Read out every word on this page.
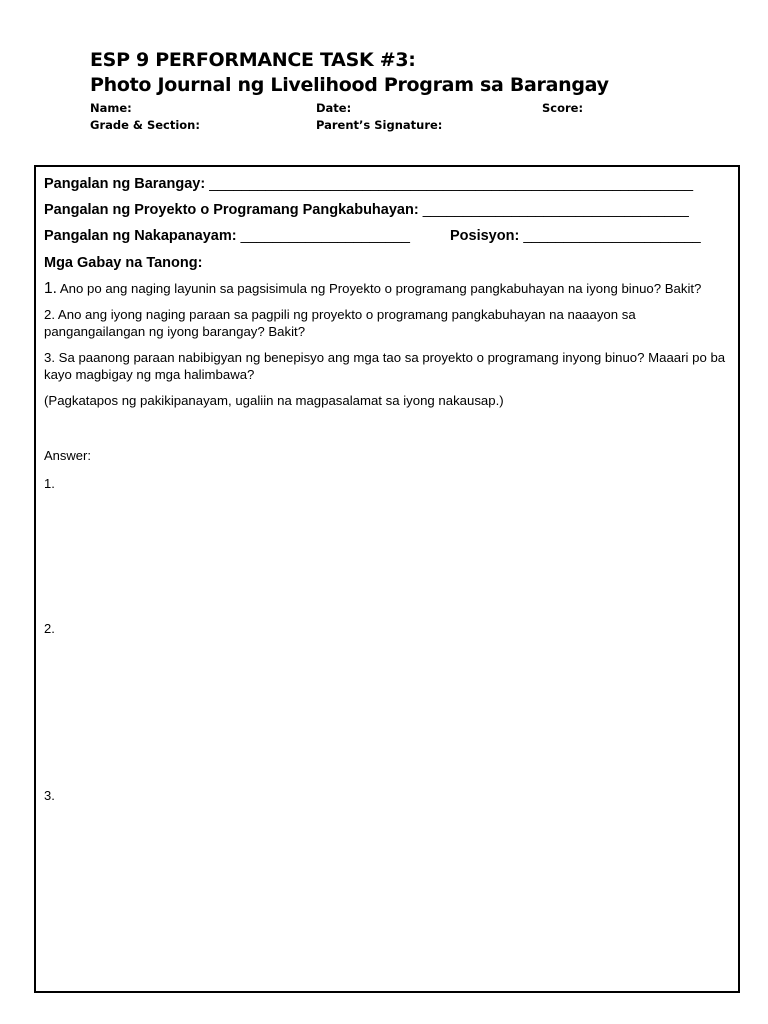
ESP 9 PERFORMANCE TASK #3:
Photo Journal ng Livelihood Program sa Barangay
Name:	Date:	Score:
Grade & Section:	Parent’s Signature:
Pangalan ng Barangay: ____________________________________________________________
Pangalan ng Proyekto o Programang Pangkabuhayan: _________________________________
Pangalan ng Nakapanayam: _____________________	Posisyon: ______________________
Mga Gabay na Tanong:
1. Ano po ang naging layunin sa pagsisimula ng Proyekto o programang pangkabuhayan na iyong binuo? Bakit?
2. Ano ang iyong naging paraan sa pagpili ng proyekto o programang pangkabuhayan na naaayon sa pangangailangan ng iyong barangay? Bakit?
3. Sa paanong paraan nabibigyan ng benepisyo ang mga tao sa proyekto o programang inyong binuo? Maaari po ba kayo magbigay ng mga halimbawa?
(Pagkatapos ng pakikipanayam, ugaliin na magpasalamat sa iyong nakausap.)
Answer:
1.
2.
3.
